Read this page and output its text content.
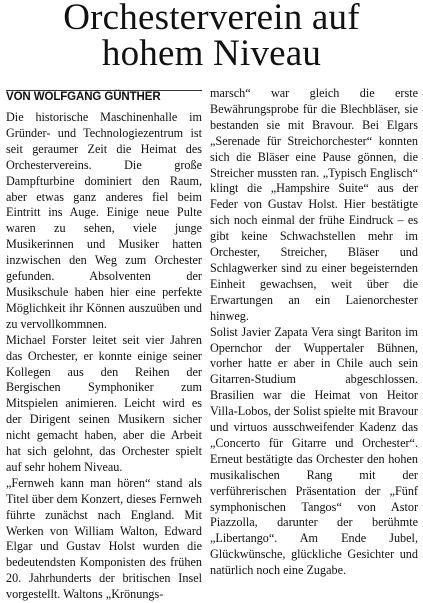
Orchesterverein auf
hohem Niveau
VON WOLFGANG GÜNTHER

Die historische Maschinenhalle im Gründer- und Technologiezentrum ist seit geraumer Zeit die Heimat des Orchestervereins. Die große Dampfturbine dominiert den Raum, aber etwas ganz anderes fiel beim Eintritt ins Auge. Einige neue Pulte waren zu sehen, viele junge Musikerinnen und Musiker hatten inzwischen den Weg zum Orchester gefunden. Absolventen der Musikschule haben hier eine perfekte Möglichkeit ihr Können auszuüben und zu vervollkommnen.

Michael Forster leitet seit vier Jahren das Orchester, er konnte einige seiner Kollegen aus den Reihen der Bergischen Symphoniker zum Mitspielen animieren. Leicht wird es der Dirigent seinen Musikern sicher nicht gemacht haben, aber die Arbeit hat sich gelohnt, das Orchester spielt auf sehr hohem Niveau.

„Fernweh kann man hören“ stand als Titel über dem Konzert, dieses Fernweh führte zunächst nach England. Mit Werken von William Walton, Edward Elgar und Gustav Holst wurden die bedeutendsten Komponisten des frühen 20. Jahrhunderts der britischen Insel vorgestellt. Waltons „Krönungs-

marsch“ war gleich die erste Bewährungsprobe für die Blechbläser, sie bestanden sie mit Bravour. Bei Elgars „Serenade für Streichorchester“ konnten sich die Bläser eine Pause gönnen, die Streicher mussten ran. „Typisch Englisch“ klingt die „Hampshire Suite“ aus der Feder von Gustav Holst. Hier bestätigte sich noch einmal der frühe Eindruck – es gibt keine Schwachstellen mehr im Orchester, Streicher, Bläser und Schlagwerker sind zu einer begeisternden Einheit gewachsen, weit über die Erwartungen an ein Laienorchester hinweg.

Solist Javier Zapata Vera singt Bariton im Opernchor der Wuppertaler Bühnen, vorher hatte er aber in Chile auch sein Gitarren-Studium abgeschlossen. Brasilien war die Heimat von Heitor Villa-Lobos, der Solist spielte mit Bravour und virtuos ausschweifender Kadenz das „Concerto für Gitarre und Orchester“. Erneut bestätigte das Orchester den hohen musikalischen Rang mit der verführerischen Präsentation der „Fünf symphonischen Tangos“ von Astor Piazzolla, darunter der berühmte „Libertango“. Am Ende Jubel, Glückwünsche, glückliche Gesichter und natürlich noch eine Zugabe.
